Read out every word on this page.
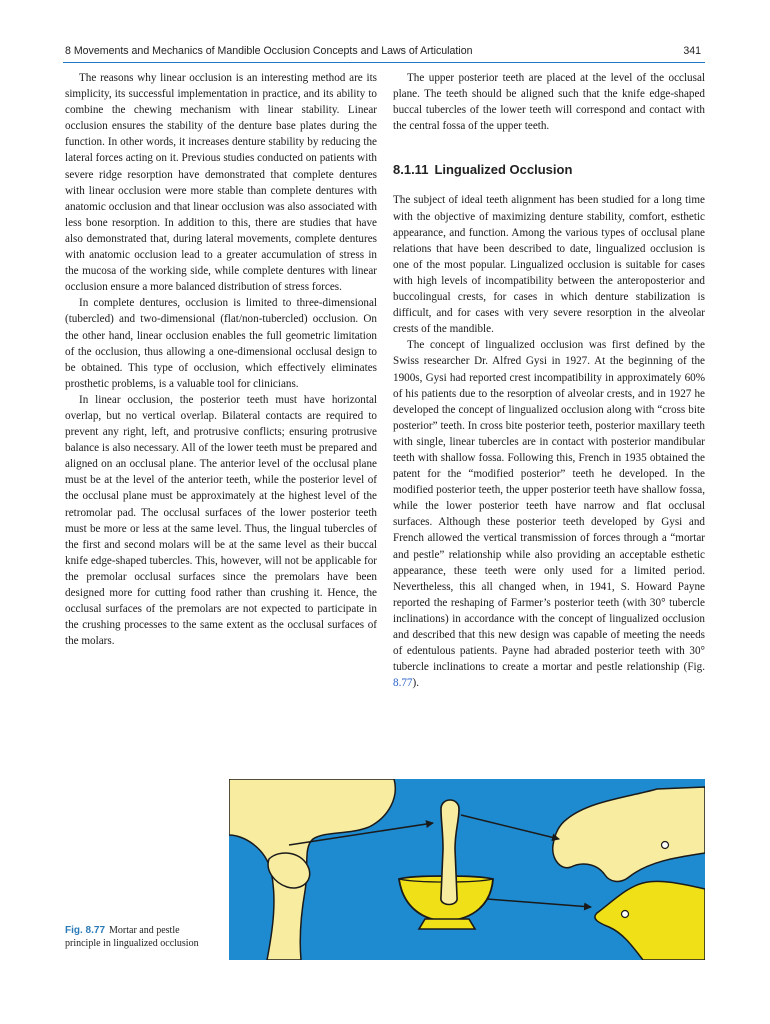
8 Movements and Mechanics of Mandible Occlusion Concepts and Laws of Articulation	341

The reasons why linear occlusion is an interesting method are its simplicity, its successful implementation in practice, and its ability to combine the chewing mechanism with linear stability. Linear occlusion ensures the stability of the denture base plates during the function. In other words, it increases denture stability by reducing the lateral forces acting on it. Previous studies conducted on patients with severe ridge resorption have demonstrated that complete dentures with linear occlusion were more stable than complete dentures with anatomic occlusion and that linear occlusion was also associated with less bone resorption. In addition to this, there are studies that have also demonstrated that, during lateral movements, complete dentures with anatomic occlusion lead to a greater accumulation of stress in the mucosa of the working side, while complete dentures with linear occlusion ensure a more balanced distribution of stress forces.

In complete dentures, occlusion is limited to three-dimensional (tubercled) and two-dimensional (flat/non-tubercled) occlusion. On the other hand, linear occlusion enables the full geometric limitation of the occlusion, thus allowing a one-dimensional occlusal design to be obtained. This type of occlusion, which effectively eliminates prosthetic problems, is a valuable tool for clinicians.

In linear occlusion, the posterior teeth must have horizontal overlap, but no vertical overlap. Bilateral contacts are required to prevent any right, left, and protrusive conflicts; ensuring protrusive balance is also necessary. All of the lower teeth must be prepared and aligned on an occlusal plane. The anterior level of the occlusal plane must be at the level of the anterior teeth, while the posterior level of the occlusal plane must be approximately at the highest level of the retromolar pad. The occlusal surfaces of the lower posterior teeth must be more or less at the same level. Thus, the lingual tubercles of the first and second molars will be at the same level as their buccal knife edge-shaped tubercles. This, however, will not be applicable for the premolar occlusal surfaces since the premolars have been designed more for cutting food rather than crushing it. Hence, the occlusal surfaces of the premolars are not expected to participate in the crushing processes to the same extent as the occlusal surfaces of the molars.

The upper posterior teeth are placed at the level of the occlusal plane. The teeth should be aligned such that the knife edge-shaped buccal tubercles of the lower teeth will correspond and contact with the central fossa of the upper teeth.

8.1.11 Lingualized Occlusion

The subject of ideal teeth alignment has been studied for a long time with the objective of maximizing denture stability, comfort, esthetic appearance, and function. Among the various types of occlusal plane relations that have been described to date, lingualized occlusion is one of the most popular. Lingualized occlusion is suitable for cases with high levels of incompatibility between the anteroposterior and buccolingual crests, for cases in which denture stabilization is difficult, and for cases with very severe resorption in the alveolar crests of the mandible.

The concept of lingualized occlusion was first defined by the Swiss researcher Dr. Alfred Gysi in 1927. At the beginning of the 1900s, Gysi had reported crest incompatibility in approximately 60% of his patients due to the resorption of alveolar crests, and in 1927 he developed the concept of lingualized occlusion along with “cross bite posterior” teeth. In cross bite posterior teeth, posterior maxillary teeth with single, linear tubercles are in contact with posterior mandibular teeth with shallow fossa. Following this, French in 1935 obtained the patent for the “modified posterior” teeth he developed. In the modified posterior teeth, the upper posterior teeth have shallow fossa, while the lower posterior teeth have narrow and flat occlusal surfaces. Although these posterior teeth developed by Gysi and French allowed the vertical transmission of forces through a “mortar and pestle” relationship while also providing an acceptable esthetic appearance, these teeth were only used for a limited period. Nevertheless, this all changed when, in 1941, S. Howard Payne reported the reshaping of Farmer’s posterior teeth (with 30° tubercle inclinations) in accordance with the concept of lingualized occlusion and described that this new design was capable of meeting the needs of edentulous patients. Payne had abraded posterior teeth with 30° tubercle inclinations to create a mortar and pestle relationship (Fig. 8.77).

Fig. 8.77 Mortar and pestle principle in lingualized occlusion
